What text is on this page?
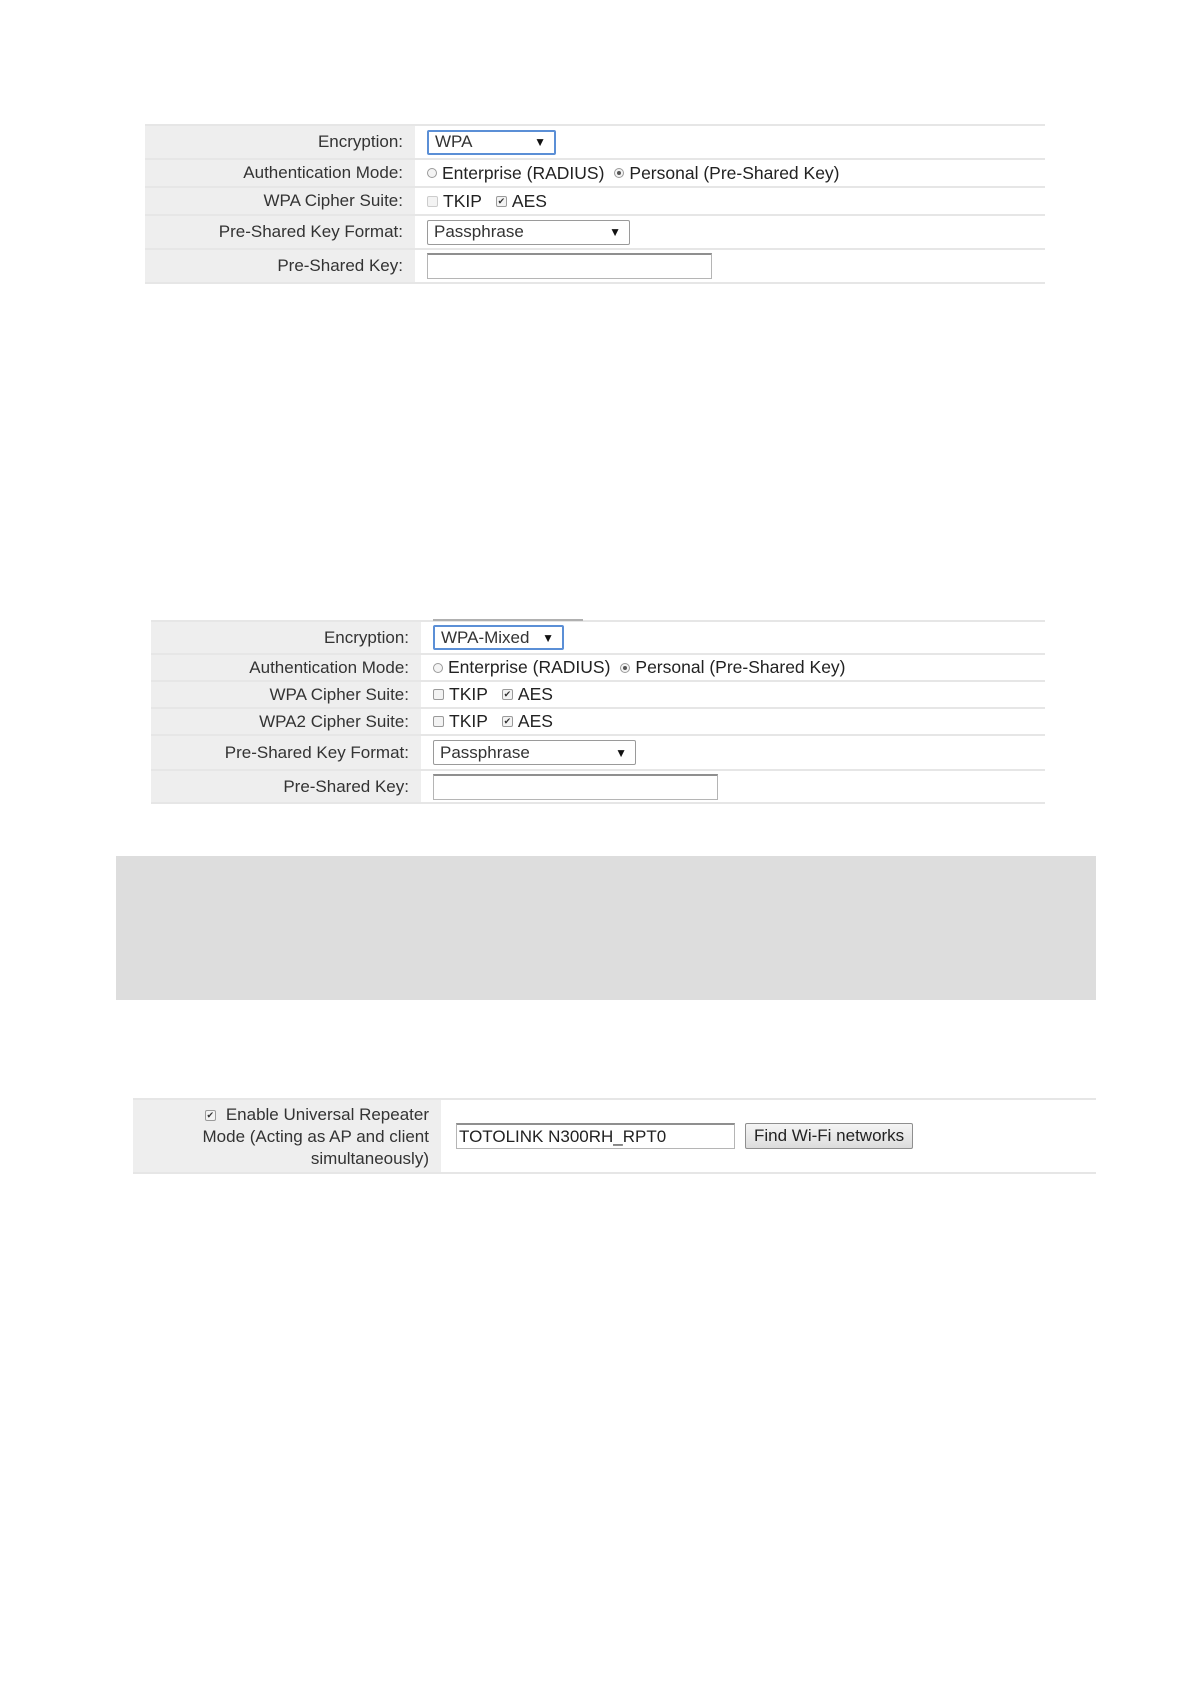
Encryption:	WPA	▼
Authentication Mode:	Enterprise (RADIUS) Personal (Pre-Shared Key)
WPA Cipher Suite:	TKIP ✔ AES
Pre-Shared Key Format:	Passphrase	▼
Pre-Shared Key:
Encryption:	WPA-Mixed ▼
Authentication Mode:	Enterprise (RADIUS) Personal (Pre-Shared Key)
WPA Cipher Suite:	TKIP ✔ AES
WPA2 Cipher Suite:	TKIP ✔ AES
Pre-Shared Key Format:	Passphrase	▼
Pre-Shared Key:
✔ Enable Universal Repeater
Mode (Acting as AP and client
simultaneously)
TOTOLINK N300RH_RPT0	Find Wi-Fi networks
